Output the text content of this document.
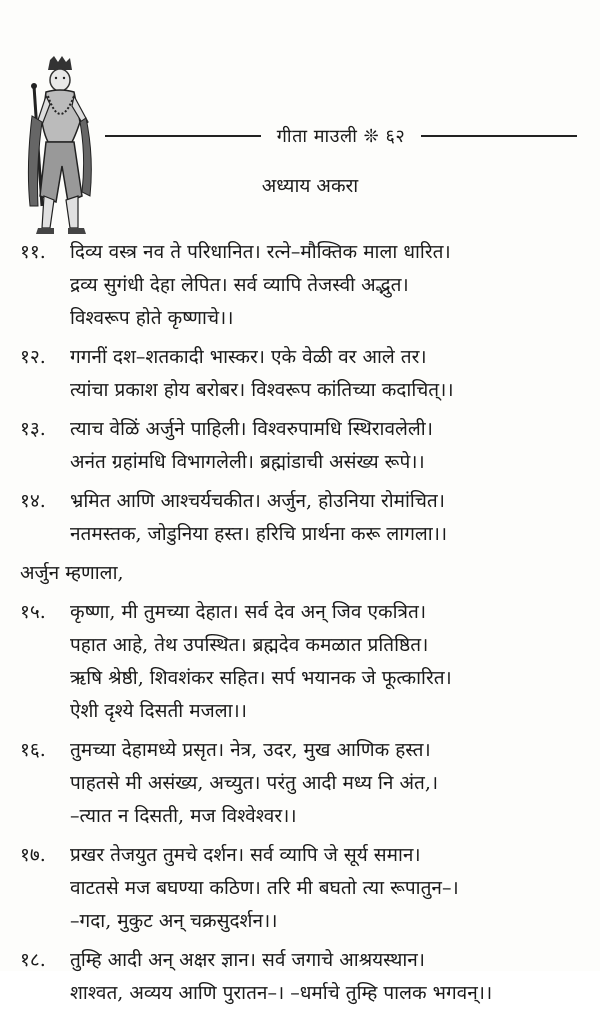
गीता माउली ❊ ६२
अध्याय अकरा
११.	दिव्य वस्त्र नव ते परिधानित। रत्ने–मौक्तिक माला धारित।
द्रव्य सुगंधी देहा लेपित। सर्व व्यापि तेजस्वी अद्भुत।
विश्वरूप होते कृष्णाचे।।
१२.	गगनीं दश–शतकादी भास्कर। एके वेळी वर आले तर।
त्यांचा प्रकाश होय बरोबर। विश्वरूप कांतिच्या कदाचित्।।
१३.	त्याच वेळिं अर्जुने पाहिली। विश्वरुपामधि स्थिरावलेली।
अनंत ग्रहांमधि विभागलेली। ब्रह्मांडाची असंख्य रूपे।।
१४.	भ्रमित आणि आश्चर्यचकीत। अर्जुन, होउनिया रोमांचित।
नतमस्तक, जोडुनिया हस्त। हरिचि प्रार्थना करू लागला।।
अर्जुन म्हणाला,
१५.	कृष्णा, मी तुमच्या देहात। सर्व देव अन् जिव एकत्रित।
पहात आहे, तेथ उपस्थित। ब्रह्मदेव कमळात प्रतिष्ठित।
ऋषि श्रेष्ठी, शिवशंकर सहित। सर्प भयानक जे फूत्कारित।
ऐशी दृश्ये दिसती मजला।।
१६.	तुमच्या देहामध्ये प्रसृत। नेत्र, उदर, मुख आणिक हस्त।
पाहतसे मी असंख्य, अच्युत। परंतु आदी मध्य नि अंत,।
–त्यात न दिसती, मज विश्वेश्वर।।
१७.	प्रखर तेजयुत तुमचे दर्शन। सर्व व्यापि जे सूर्य समान।
वाटतसे मज बघण्या कठिण। तरि मी बघतो त्या रूपातुन–।
–गदा, मुकुट अन् चक्रसुदर्शन।।
१८.	तुम्हि आदी अन् अक्षर ज्ञान। सर्व जगाचे आश्रयस्थान।
शाश्वत, अव्यय आणि पुरातन–। –धर्माचे तुम्हि पालक भगवन्।।
